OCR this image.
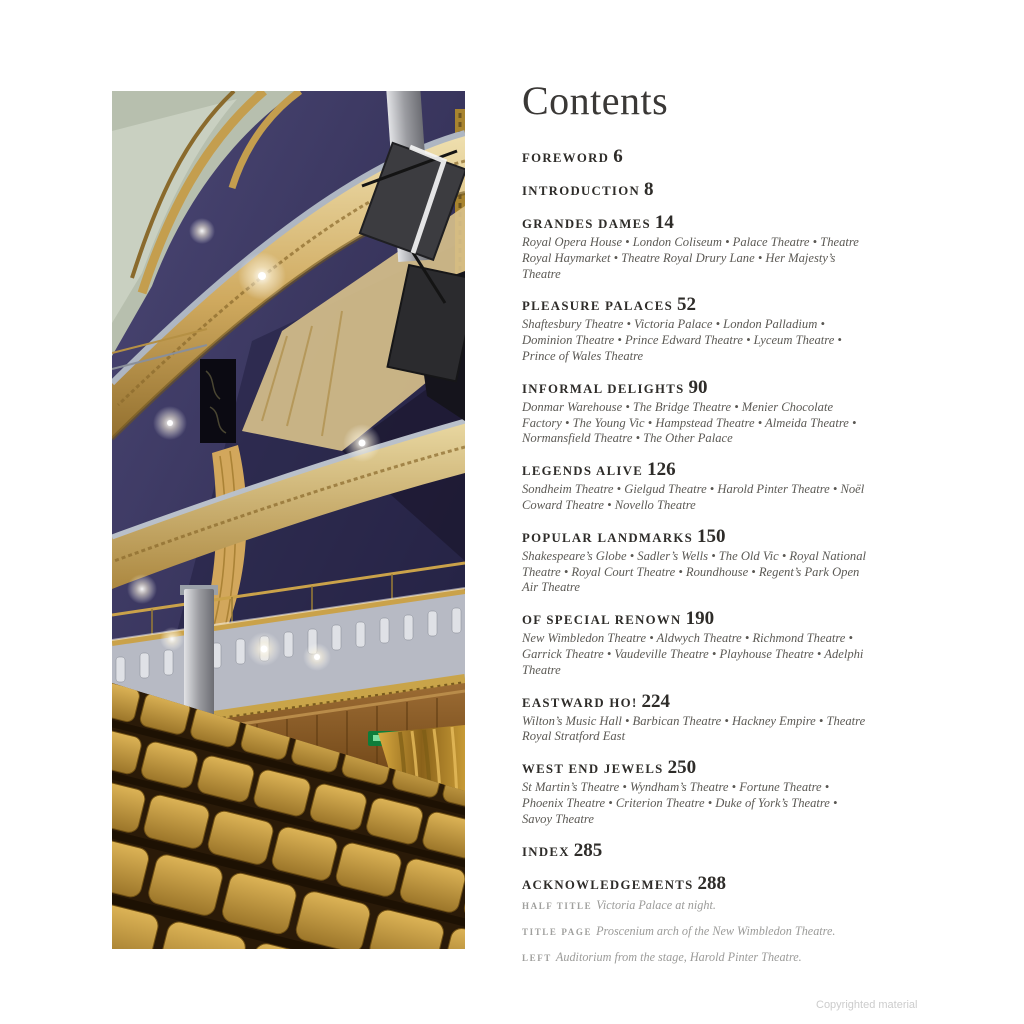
Contents
FOREWORD 6
INTRODUCTION 8
GRANDES DAMES 14

Royal Opera House • London Coliseum • Palace Theatre • Theatre Royal Haymarket • Theatre Royal Drury Lane • Her Majesty’s Theatre

PLEASURE PALACES 52

Shaftesbury Theatre • Victoria Palace • London Palladium • Dominion Theatre • Prince Edward Theatre • Lyceum Theatre • Prince of Wales Theatre

INFORMAL DELIGHTS 90

Donmar Warehouse • The Bridge Theatre • Menier Chocolate Factory • The Young Vic • Hampstead Theatre • Almeida Theatre • Normansfield Theatre • The Other Palace

LEGENDS ALIVE 126

Sondheim Theatre • Gielgud Theatre • Harold Pinter Theatre • Noël Coward Theatre • Novello Theatre

POPULAR LANDMARKS 150

Shakespeare’s Globe • Sadler’s Wells • The Old Vic • Royal National Theatre • Royal Court Theatre • Roundhouse • Regent’s Park Open Air Theatre

OF SPECIAL RENOWN 190

New Wimbledon Theatre • Aldwych Theatre • Richmond Theatre • Garrick Theatre • Vaudeville Theatre • Playhouse Theatre • Adelphi Theatre

EASTWARD HO! 224

Wilton’s Music Hall • Barbican Theatre • Hackney Empire • Theatre Royal Stratford East

WEST END JEWELS 250

St Martin’s Theatre • Wyndham’s Theatre • Fortune Theatre • Phoenix Theatre • Criterion Theatre • Duke of York’s Theatre • Savoy Theatre

INDEX 285
ACKNOWLEDGEMENTS 288

HALF TITLE Victoria Palace at night.

TITLE PAGE Proscenium arch of the New Wimbledon Theatre.

LEFT Auditorium from the stage, Harold Pinter Theatre.

Copyrighted material
